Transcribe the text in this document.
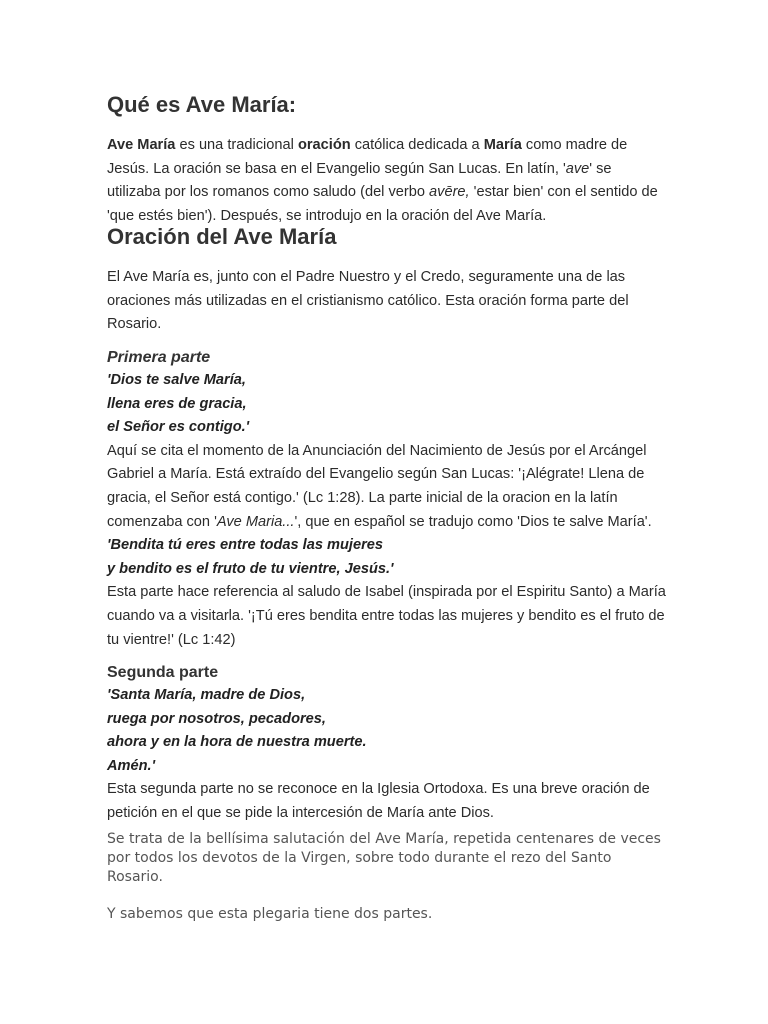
Qué es Ave María:

Ave María es una tradicional oración católica dedicada a María como madre de Jesús. La oración se basa en el Evangelio según San Lucas. En latín, 'ave' se utilizaba por los romanos como saludo (del verbo avēre, 'estar bien' con el sentido de 'que estés bien'). Después, se introdujo en la oración del Ave María.

Oración del Ave María

El Ave María es, junto con el Padre Nuestro y el Credo, seguramente una de las oraciones más utilizadas en el cristianismo católico. Esta oración forma parte del Rosario.

Primera parte
'Dios te salve María,
llena eres de gracia,
el Señor es contigo.'

Aquí se cita el momento de la Anunciación del Nacimiento de Jesús por el Arcángel Gabriel a María. Está extraído del Evangelio según San Lucas: '¡Alégrate! Llena de gracia, el Señor está contigo.' (Lc 1:28). La parte inicial de la oracion en la latín comenzaba con 'Ave Maria...', que en español se tradujo como 'Dios te salve María'.

'Bendita tú eres entre todas las mujeres
y bendito es el fruto de tu vientre, Jesús.'

Esta parte hace referencia al saludo de Isabel (inspirada por el Espiritu Santo) a María cuando va a visitarla. '¡Tú eres bendita entre todas las mujeres y bendito es el fruto de tu vientre!' (Lc 1:42)

Segunda parte
'Santa María, madre de Dios,
ruega por nosotros, pecadores,
ahora y en la hora de nuestra muerte.
Amén.'

Esta segunda parte no se reconoce en la Iglesia Ortodoxa. Es una breve oración de petición en el que se pide la intercesión de María ante Dios.

Se trata de la bellísima salutación del Ave María, repetida centenares de veces por todos los devotos de la Virgen, sobre todo durante el rezo del Santo Rosario.

Y sabemos que esta plegaria tiene dos partes.
